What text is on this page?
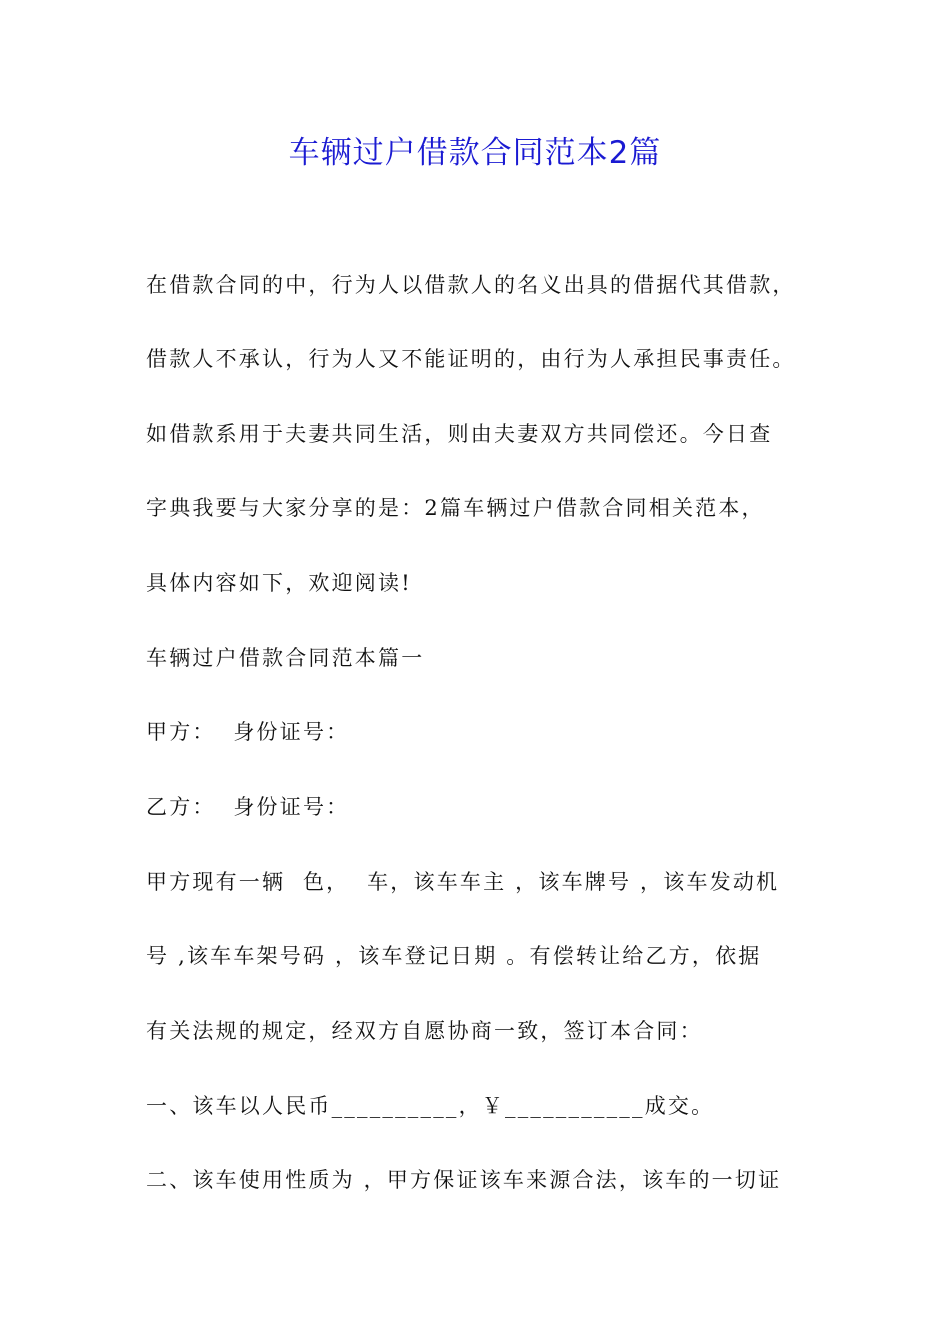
车辆过户借款合同范本2篇
在借款合同的中，行为人以借款人的名义出具的借据代其借款，
借款人不承认，行为人又不能证明的，由行为人承担民事责任。
如借款系用于夫妻共同生活，则由夫妻双方共同偿还。今日查
字典我要与大家分享的是：2篇车辆过户借款合同相关范本，
具体内容如下，欢迎阅读!
车辆过户借款合同范本篇一
甲方：  身份证号：
乙方：  身份证号：
甲方现有一辆  色，  车，该车车主 ，该车牌号 ，该车发动机
号 ,该车车架号码 ，该车登记日期 。有偿转让给乙方，依据
有关法规的规定，经双方自愿协商一致，签订本合同：
一、该车以人民币__________，￥___________成交。
二、该车使用性质为 ，甲方保证该车来源合法，该车的一切证
